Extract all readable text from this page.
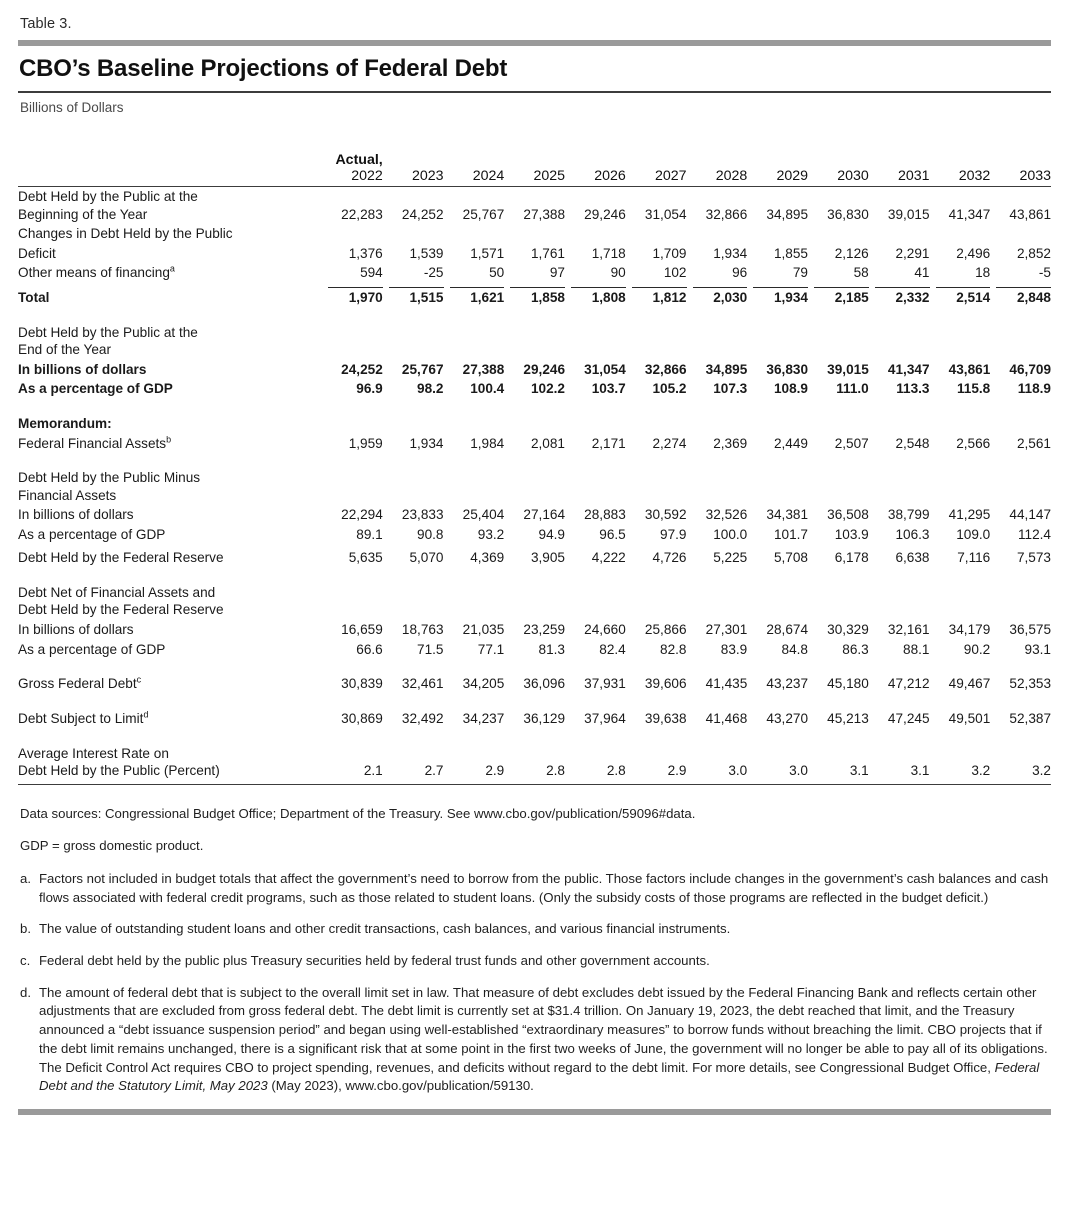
Table 3.
CBO’s Baseline Projections of Federal Debt
Billions of Dollars

	Actual,
2022	2023	2024	2025	2026	2027	2028	2029	2030	2031	2032	2033

Debt Held by the Public at the
Beginning of the Year	22,283	24,252	25,767	27,388	29,246	31,054	32,866	34,895	36,830	39,015	41,347	43,861
Changes in Debt Held by the Public												
Deficit	1,376	1,539	1,571	1,761	1,718	1,709	1,934	1,855	2,126	2,291	2,496	2,852
Other means of financing$^a$	594	-25	50	97	90	102	96	79	58	41	18	-5

Total	1,970	1,515	1,621	1,858	1,808	1,812	2,030	1,934	2,185	2,332	2,514	2,848

Debt Held by the Public at the
End of the Year												

In billions of dollars	24,252	25,767	27,388	29,246	31,054	32,866	34,895	36,830	39,015	41,347	43,861	46,709
As a percentage of GDP	96.9	98.2	100.4	102.2	103.7	105.2	107.3	108.9	111.0	113.3	115.8	118.9

Memorandum:												
Federal Financial Assets$^b$	1,959	1,934	1,984	2,081	2,171	2,274	2,369	2,449	2,507	2,548	2,566	2,561

Debt Held by the Public Minus
Financial Assets												

In billions of dollars	22,294	23,833	25,404	27,164	28,883	30,592	32,526	34,381	36,508	38,799	41,295	44,147
As a percentage of GDP	89.1	90.8	93.2	94.9	96.5	97.9	100.0	101.7	103.9	106.3	109.0	112.4

Debt Held by the Federal Reserve	5,635	5,070	4,369	3,905	4,222	4,726	5,225	5,708	6,178	6,638	7,116	7,573

Debt Net of Financial Assets and
Debt Held by the Federal Reserve												

In billions of dollars	16,659	18,763	21,035	23,259	24,660	25,866	27,301	28,674	30,329	32,161	34,179	36,575
As a percentage of GDP	66.6	71.5	77.1	81.3	82.4	82.8	83.9	84.8	86.3	88.1	90.2	93.1

Gross Federal Debt$^c$	30,839	32,461	34,205	36,096	37,931	39,606	41,435	43,237	45,180	47,212	49,467	52,353

Debt Subject to Limit$^d$	30,869	32,492	34,237	36,129	37,964	39,638	41,468	43,270	45,213	47,245	49,501	52,387

Average Interest Rate on
Debt Held by the Public (Percent)	2.1	2.7	2.9	2.8	2.8	2.9	3.0	3.0	3.1	3.1	3.2	3.2

Data sources: Congressional Budget Office; Department of the Treasury. See www.cbo.gov/publication/59096#data.

GDP = gross domestic product.

a. Factors not included in budget totals that affect the government’s need to borrow from the public. Those factors include changes in the government’s cash balances and cash flows associated with federal credit programs, such as those related to student loans. (Only the subsidy costs of those programs are reflected in the budget deficit.)
b. The value of outstanding student loans and other credit transactions, cash balances, and various financial instruments.
c. Federal debt held by the public plus Treasury securities held by federal trust funds and other government accounts.
d. The amount of federal debt that is subject to the overall limit set in law. That measure of debt excludes debt issued by the Federal Financing Bank and reflects certain other adjustments that are excluded from gross federal debt. The debt limit is currently set at $31.4 trillion. On January 19, 2023, the debt reached that limit, and the Treasury announced a “debt issuance suspension period” and began using well-established “extraordinary measures” to borrow funds without breaching the limit. CBO projects that if the debt limit remains unchanged, there is a significant risk that at some point in the first two weeks of June, the government will no longer be able to pay all of its obligations. The Deficit Control Act requires CBO to project spending, revenues, and deficits without regard to the debt limit. For more details, see Congressional Budget Office, Federal Debt and the Statutory Limit, May 2023 (May 2023), www.cbo.gov/publication/59130.
